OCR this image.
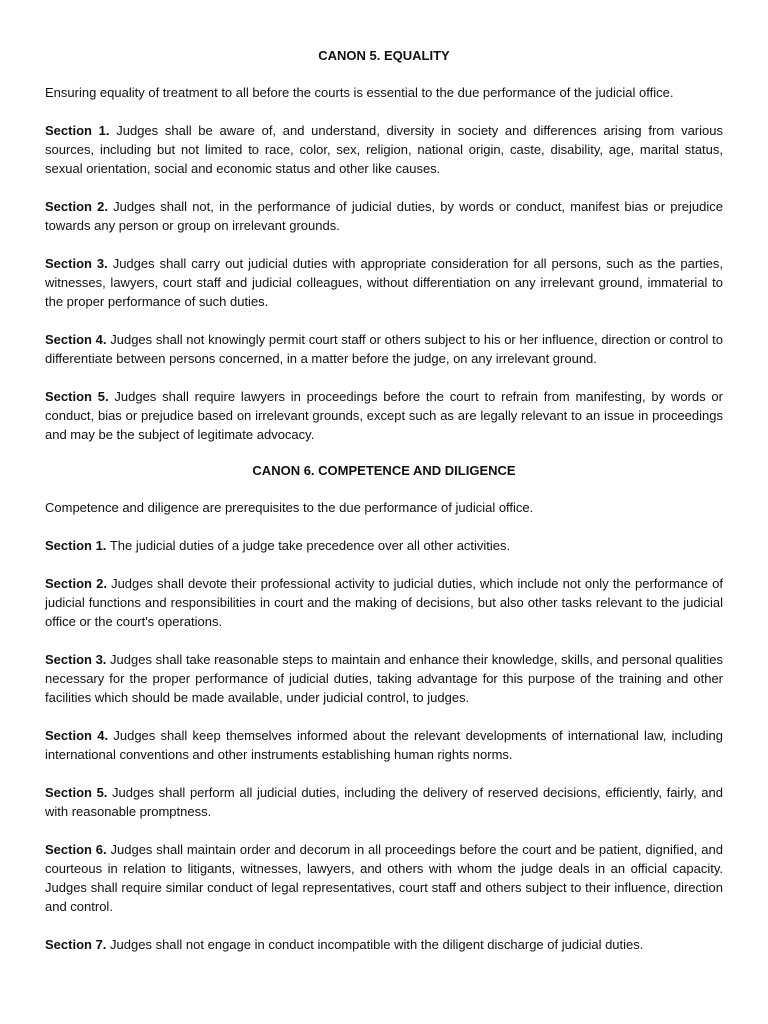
CANON 5. EQUALITY

Ensuring equality of treatment to all before the courts is essential to the due performance of the judicial office.

Section 1. Judges shall be aware of, and understand, diversity in society and differences arising from various sources, including but not limited to race, color, sex, religion, national origin, caste, disability, age, marital status, sexual orientation, social and economic status and other like causes.

Section 2. Judges shall not, in the performance of judicial duties, by words or conduct, manifest bias or prejudice towards any person or group on irrelevant grounds.

Section 3. Judges shall carry out judicial duties with appropriate consideration for all persons, such as the parties, witnesses, lawyers, court staff and judicial colleagues, without differentiation on any irrelevant ground, immaterial to the proper performance of such duties.

Section 4. Judges shall not knowingly permit court staff or others subject to his or her influence, direction or control to differentiate between persons concerned, in a matter before the judge, on any irrelevant ground.

Section 5. Judges shall require lawyers in proceedings before the court to refrain from manifesting, by words or conduct, bias or prejudice based on irrelevant grounds, except such as are legally relevant to an issue in proceedings and may be the subject of legitimate advocacy.

CANON 6. COMPETENCE AND DILIGENCE

Competence and diligence are prerequisites to the due performance of judicial office.

Section 1. The judicial duties of a judge take precedence over all other activities.

Section 2. Judges shall devote their professional activity to judicial duties, which include not only the performance of judicial functions and responsibilities in court and the making of decisions, but also other tasks relevant to the judicial office or the court's operations.

Section 3. Judges shall take reasonable steps to maintain and enhance their knowledge, skills, and personal qualities necessary for the proper performance of judicial duties, taking advantage for this purpose of the training and other facilities which should be made available, under judicial control, to judges.

Section 4. Judges shall keep themselves informed about the relevant developments of international law, including international conventions and other instruments establishing human rights norms.

Section 5. Judges shall perform all judicial duties, including the delivery of reserved decisions, efficiently, fairly, and with reasonable promptness.

Section 6. Judges shall maintain order and decorum in all proceedings before the court and be patient, dignified, and courteous in relation to litigants, witnesses, lawyers, and others with whom the judge deals in an official capacity. Judges shall require similar conduct of legal representatives, court staff and others subject to their influence, direction and control.

Section 7. Judges shall not engage in conduct incompatible with the diligent discharge of judicial duties.
